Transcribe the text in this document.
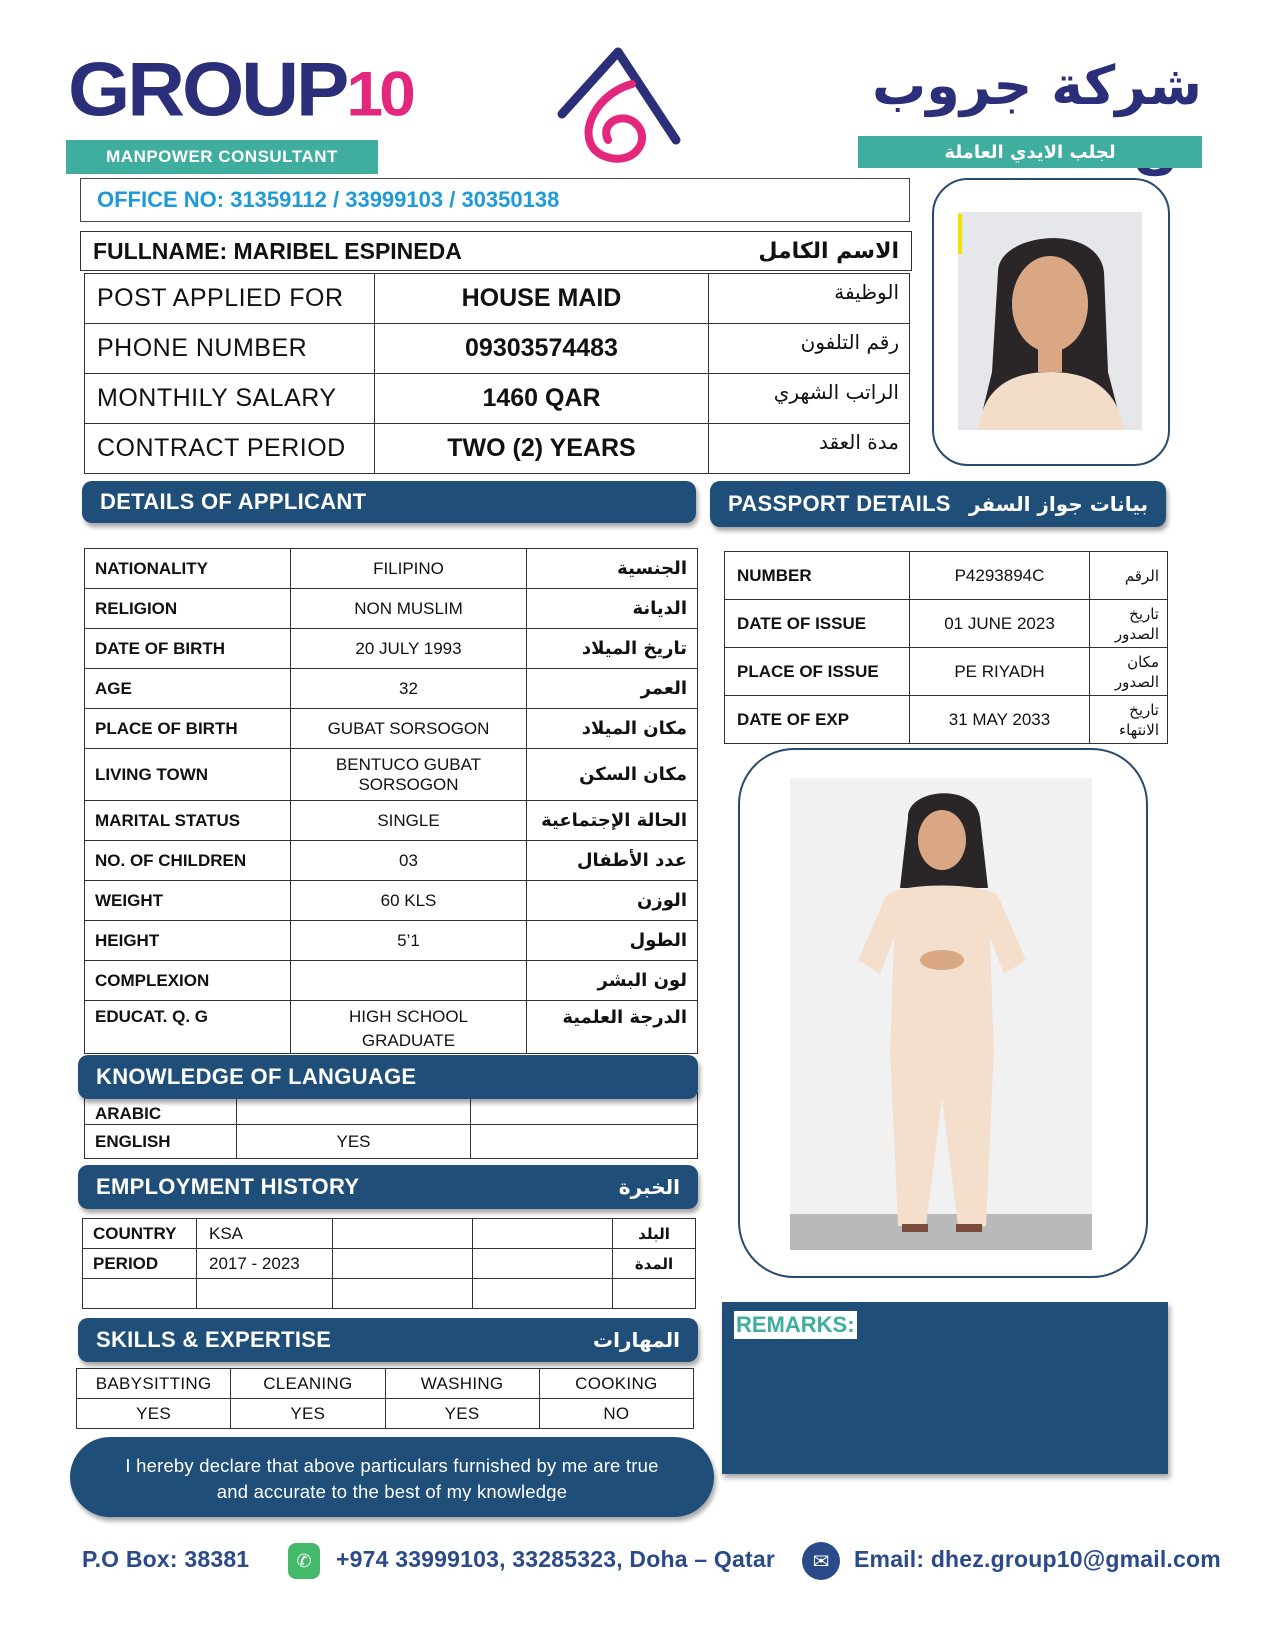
GROUP10
MANPOWER CONSULTANT
شركة جروب
لجلب الايدي العاملة
OFFICE NO: 31359112 / 33999103 / 30350138
FULLNAME: MARIBEL ESPINEDA	الاسم الكامل
POST APPLIED FOR	HOUSE MAID	الوظيفة
PHONE NUMBER	09303574483	رقم التلفون
MONTHILY SALARY	1460 QAR	الراتب الشهري
CONTRACT PERIOD	TWO (2) YEARS	مدة العقد
DETAILS OF APPLICANT	PASSPORT DETAILS بيانات جواز السفر
NATIONALITY	FILIPINO	الجنسية
RELIGION	NON MUSLIM	الديانة
DATE OF BIRTH	20 JULY 1993	تاريخ الميلاد
AGE	32	العمر
PLACE OF BIRTH	GUBAT SORSOGON	مكان الميلاد
LIVING TOWN	BENTUCO GUBAT
SORSOGON	مكان السكن
MARITAL STATUS	SINGLE	الحالة الإجتماعية
NO. OF CHILDREN	03	عدد الأطفال
WEIGHT	60 KLS	الوزن
HEIGHT	5’1	الطول
COMPLEXION		لون البشر
EDUCAT. Q. G	HIGH SCHOOL
GRADUATE	الدرجة العلمية
NUMBER	P4293894C	الرقم
DATE OF ISSUE	01 JUNE 2023	تاريخ
الصدور
PLACE OF ISSUE	PE RIYADH	مكان
الصدور
DATE OF EXP	31 MAY 2033	تاريخ
الانتهاء
ARABIC		
ENGLISH	YES	
KNOWLEDGE OF LANGUAGE
EMPLOYMENT HISTORY	الخبرة
COUNTRY	KSA			البلد
PERIOD	2017 - 2023			المدة

SKILLS & EXPERTISE	المهارات
BABYSITTING	CLEANING	WASHING	COOKING
YES	YES	YES	NO
I hereby declare that above particulars furnished by me are true and accurate to the best of my knowledge
REMARKS:
P.O Box: 38381	✆	+974 33999103, 33285323, Doha – Qatar	✉	Email: dhez.group10@gmail.com
